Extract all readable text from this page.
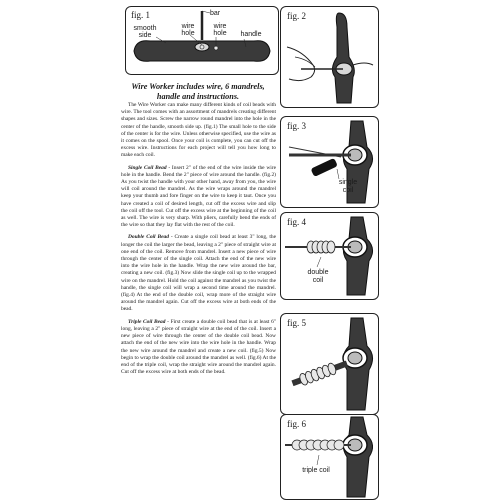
fig. 1	bar
smooth side
wire hole
wire hole	handle
Wire Worker includes wire, 6 mandrels, handle and instructions.

The Wire Worker can make many different kinds of coil beads with wire. The tool comes with an assortment of mandrels creating different shapes and sizes. Screw the narrow round mandrel into the hole in the center of the handle, smooth side up. (fig.1) The small hole to the side of the center is for the wire. Unless otherwise specified, use the wire as it comes on the spool. Once your coil is complete, you can cut off the excess wire. Instructions for each project will tell you how long to make each coil.

Single Coil Bead - Insert 2" of the end of the wire inside the wire hole in the handle. Bend the 2" piece of wire around the handle. (fig.2) As you twist the handle with your other hand, away from you, the wire will coil around the mandrel. As the wire wraps around the mandrel keep your thumb and fore finger on the wire to keep it taut. Once you have created a coil of desired length, cut off the excess wire and slip the coil off the tool. Cut off the excess wire at the beginning of the coil as well. The wire is very sharp. With pliers, carefully bend the ends of the wire so that they lay flat with the rest of the coil.

Double Coil Bead - Create a single coil bead at least 3" long, the longer the coil the larger the bead, leaving a 2" piece of straight wire at one end of the coil. Remove from mandrel. Insert a new piece of wire through the center of the single coil. Attach the end of the new wire into the wire hole in the handle. Wrap the new wire around the bar, creating a new coil. (fig.3) Now slide the single coil up to the wrapped wire on the mandrel. Hold the coil against the mandrel as you twist the handle, the single coil will wrap a second time around the mandrel. (fig.4) At the end of the double coil, wrap more of the straight wire around the mandrel again. Cut off the excess wire at both ends of the bead.

Triple Coil Bead - First create a double coil bead that is at least 6" long, leaving a 2" piece of straight wire at the end of the coil. Insert a new piece of wire through the center of the double coil bead. Now attach the end of the new wire into the wire hole in the handle. Wrap the new wire around the mandrel and create a new coil. (fig.5) Now begin to wrap the double coil around the mandrel as well. (fig.6) At the end of the triple coil, wrap the straight wire around the mandrel again. Cut off the excess wire at both ends of the bead.

fig. 2
fig. 3
single coil
fig. 4
double coil
fig. 5
fig. 6
triple coil
